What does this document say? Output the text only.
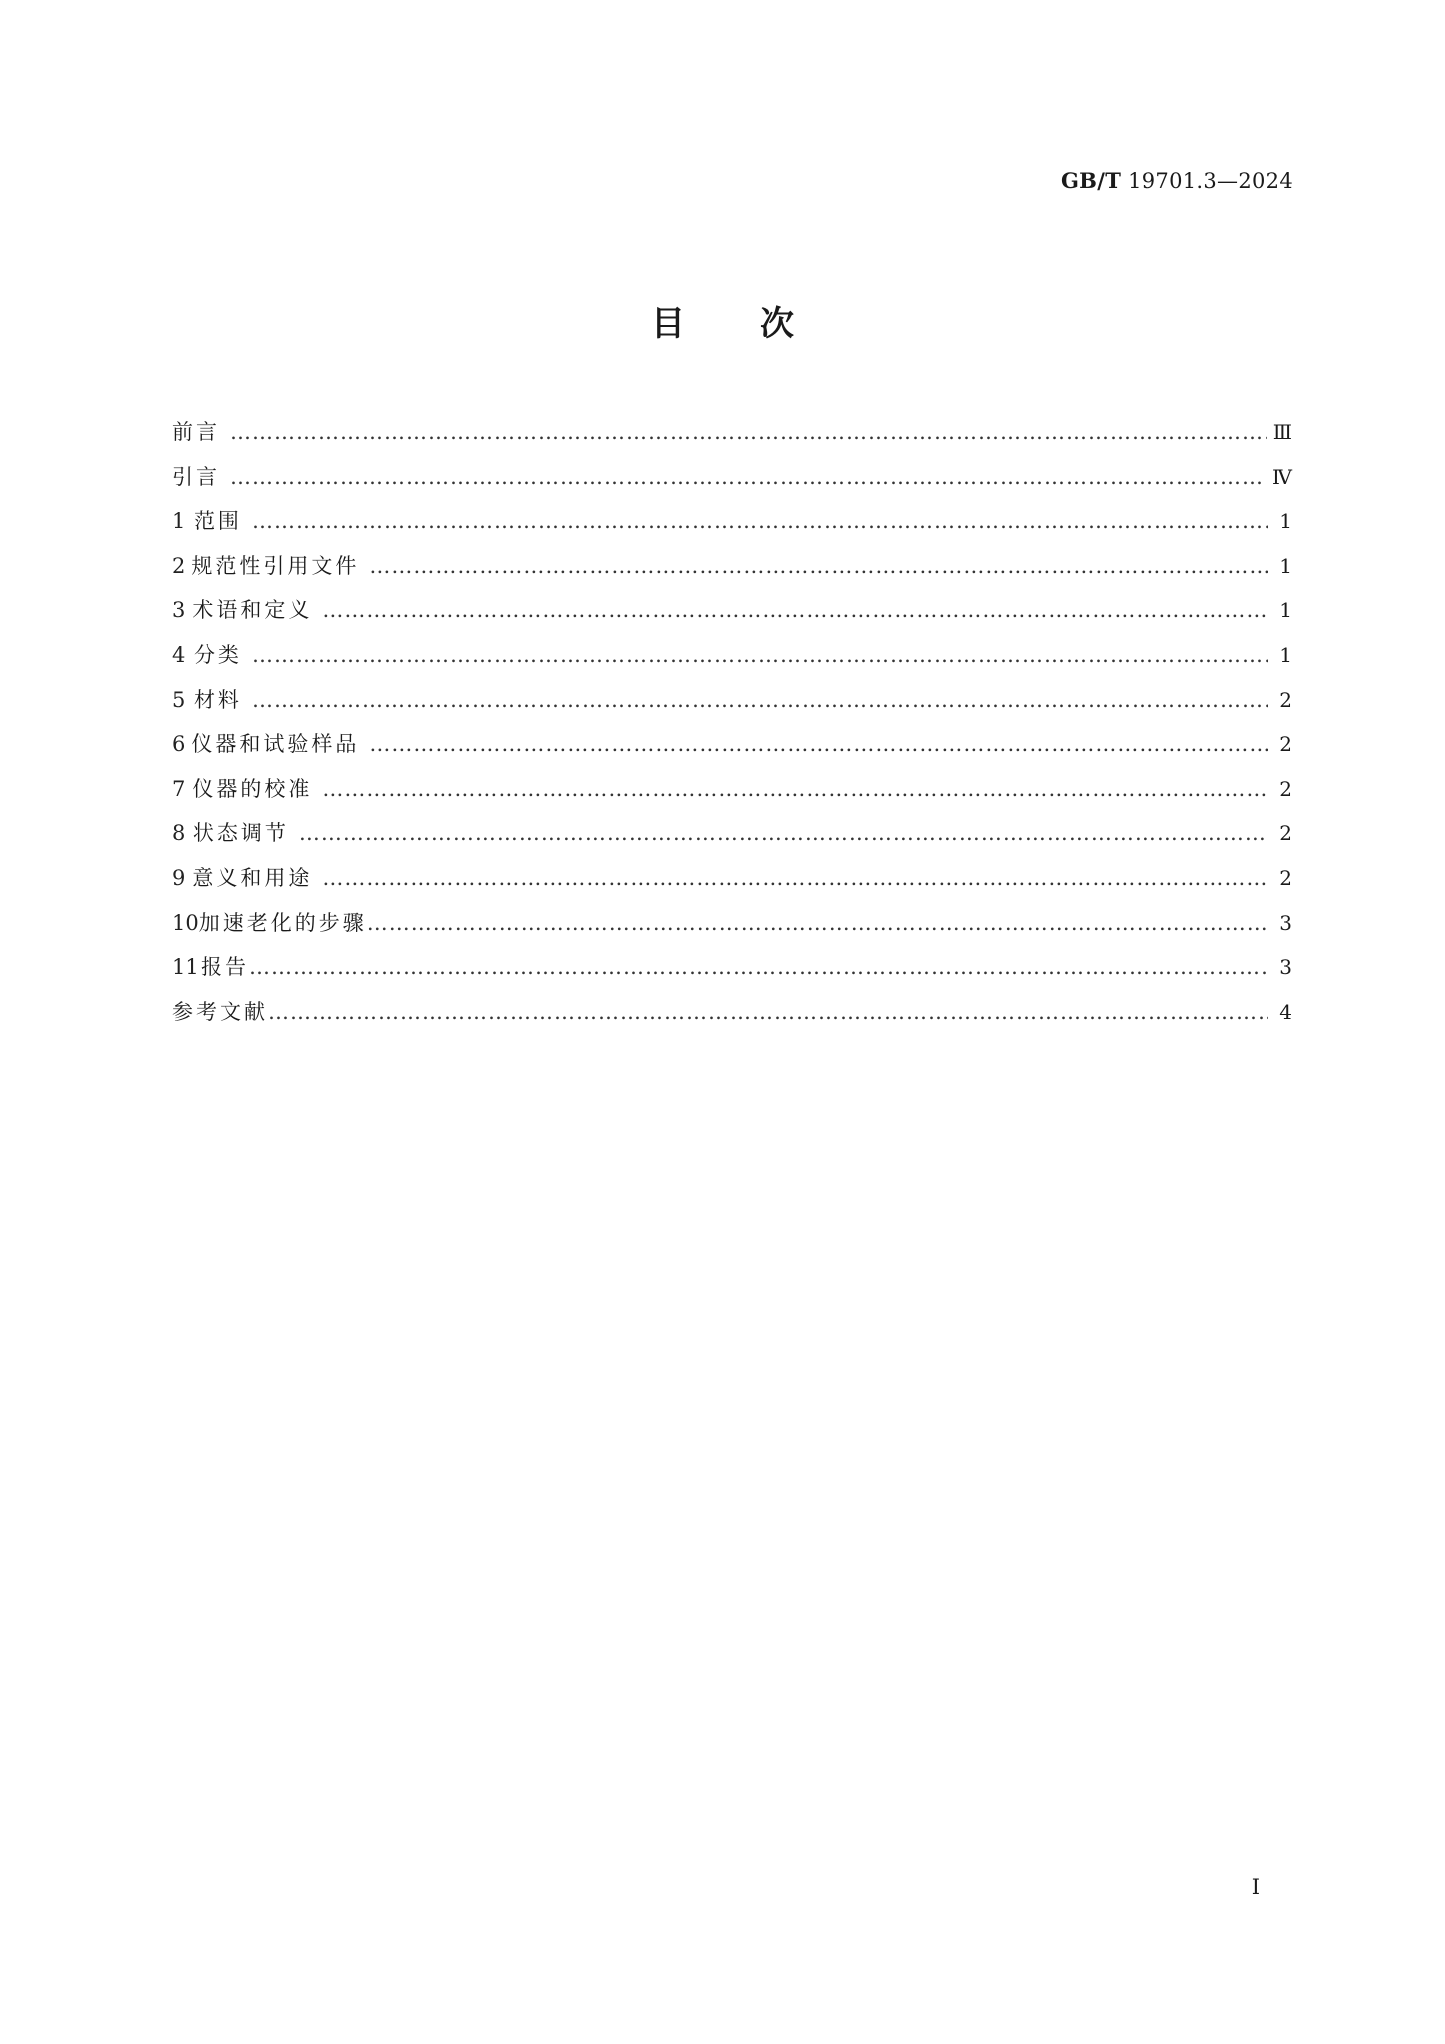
GB/T 19701.3—2024
目次
前言 ……………………………………………………………………………………………………………………………………………………………………………………………………………………	Ⅲ
引言 ……………………………………………………………………………………………………………………………………………………………………………………………………………………	Ⅳ
1 范围 ……………………………………………………………………………………………………………………………………………………………………………………………………………………	1
2 规范性引用文件 ……………………………………………………………………………………………………………………………………………………………………………………………………………………	1
3 术语和定义 ……………………………………………………………………………………………………………………………………………………………………………………………………………………	1
4 分类 ……………………………………………………………………………………………………………………………………………………………………………………………………………………	1
5 材料 ……………………………………………………………………………………………………………………………………………………………………………………………………………………	2
6 仪器和试验样品 ……………………………………………………………………………………………………………………………………………………………………………………………………………………	2
7 仪器的校准 ……………………………………………………………………………………………………………………………………………………………………………………………………………………	2
8 状态调节 ……………………………………………………………………………………………………………………………………………………………………………………………………………………	2
9 意义和用途 ……………………………………………………………………………………………………………………………………………………………………………………………………………………	2
10 加速老化的步骤 ……………………………………………………………………………………………………………………………………………………………………………………………………………………	3
11 报告 ……………………………………………………………………………………………………………………………………………………………………………………………………………………	3
参考文献 ……………………………………………………………………………………………………………………………………………………………………………………………………………………	4
I
